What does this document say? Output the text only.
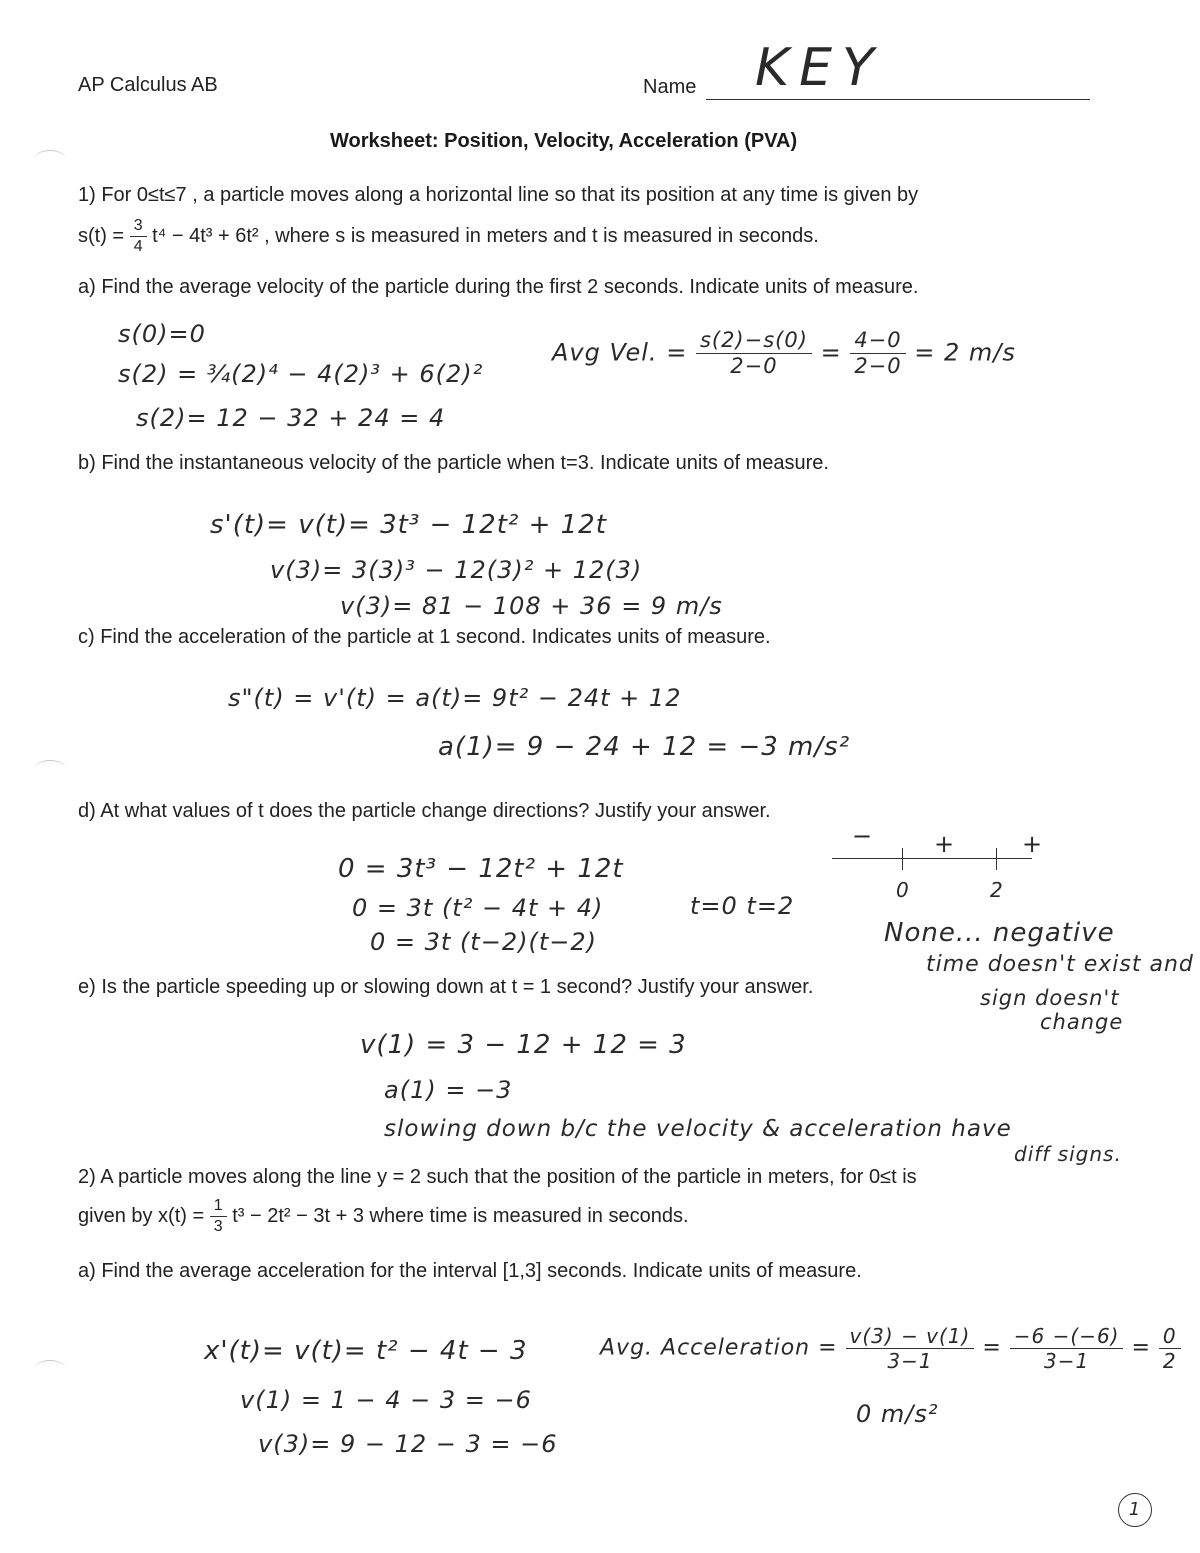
AP Calculus AB	Name KEY
Worksheet: Position, Velocity, Acceleration (PVA)
1) For 0≤t≤7 , a particle moves along a horizontal line so that its position at any time is given by
$s(t) = \frac{3}{4} t^4 - 4t^3 + 6t^2$ , where s is measured in meters and t is measured in seconds.
a) Find the average velocity of the particle during the first 2 seconds. Indicate units of measure.
s(0)=0
s(2) = ¾(2)⁴ − 4(2)³ + 6(2)²
s(2)= 12 − 32 + 24 = 4
Avg Vel. = $\frac{s(2)-s(0)}{2-0} = \frac{4-0}{2-0} = 2$ m/s
b) Find the instantaneous velocity of the particle when t=3. Indicate units of measure.
s'(t)= v(t)= 3t³ − 12t² + 12t
v(3)= 3(3)³ − 12(3)² + 12(3)
v(3)= 81 − 108 + 36 = 9 m/s
c) Find the acceleration of the particle at 1 second. Indicates units of measure.
s"(t) = v'(t) = a(t)= 9t² − 24t + 12
a(1)= 9 − 24 + 12 = −3 m/s²
d) At what values of t does the particle change directions? Justify your answer.
0 = 3t³ − 12t² + 12t
0 = 3t (t² − 4t + 4)
0 = 3t (t−2)(t−2)
t=0 t=2
−	+	+
0	2
None... negative
time doesn't exist and
sign doesn't
change
e) Is the particle speeding up or slowing down at t = 1 second? Justify your answer.
v(1) = 3 − 12 + 12 = 3
a(1) = −3
slowing down b/c the velocity & acceleration have
diff signs.
2) A particle moves along the line y = 2 such that the position of the particle in meters, for 0≤t is
given by $x(t) = \frac{1}{3} t^3 - 2t^2 - 3t + 3$ where time is measured in seconds.
a) Find the average acceleration for the interval [1,3] seconds. Indicate units of measure.
x'(t)= v(t)= t² − 4t − 3
v(1) = 1 − 4 − 3 = −6
v(3)= 9 − 12 − 3 = −6
Avg. Acceleration = $\frac{v(3) - v(1)}{3-1} = \frac{-6 -(-6)}{3-1} = \frac{0}{2}$
0 m/s²
1
